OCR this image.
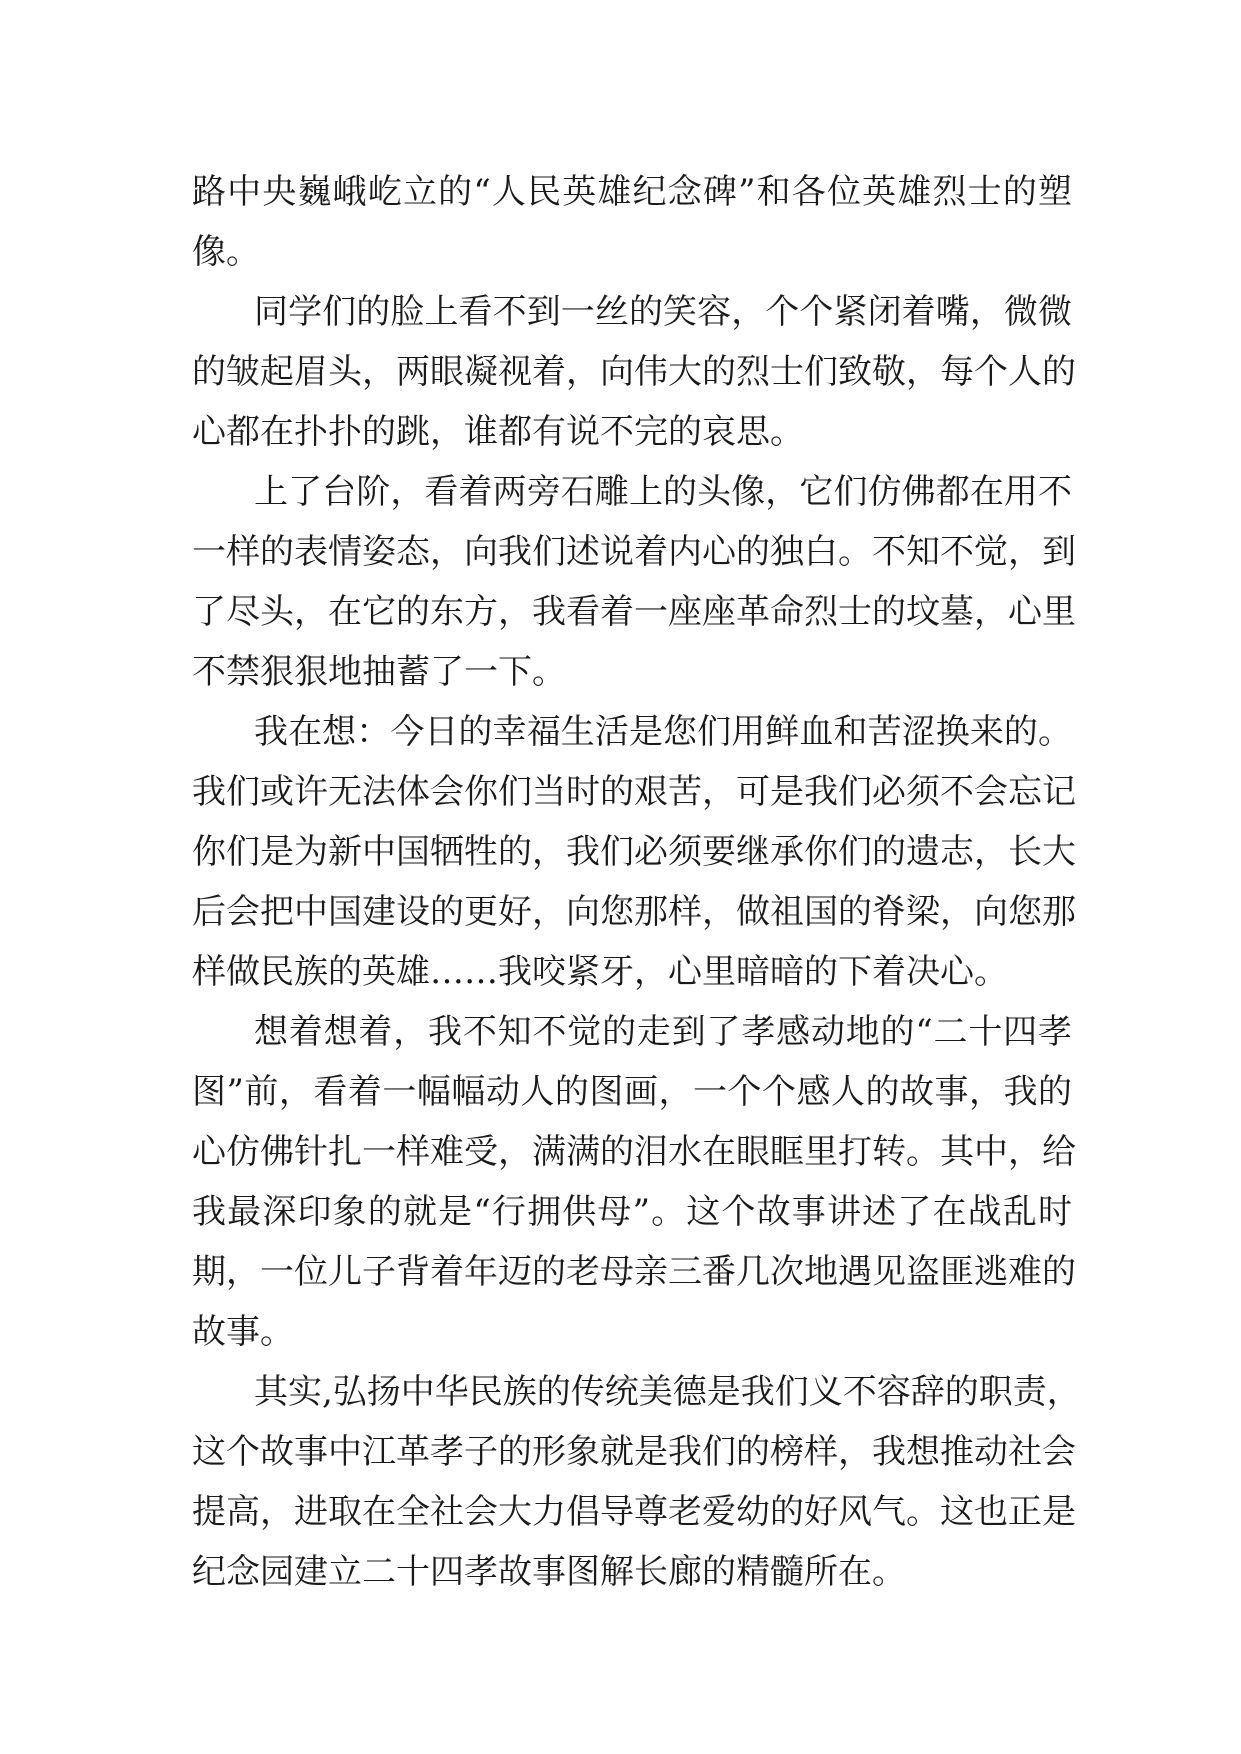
路中央巍峨屹立的“人民英雄纪念碑”和各位英雄烈士的塑
像。
同学们的脸上看不到一丝的笑容，个个紧闭着嘴，微微
的皱起眉头，两眼凝视着，向伟大的烈士们致敬，每个人的
心都在扑扑的跳，谁都有说不完的哀思。
上了台阶，看着两旁石雕上的头像，它们仿佛都在用不
一样的表情姿态，向我们述说着内心的独白。不知不觉，到
了尽头，在它的东方，我看着一座座革命烈士的坟墓，心里
不禁狠狠地抽蓄了一下。
我在想：今日的幸福生活是您们用鲜血和苦涩换来的。
我们或许无法体会你们当时的艰苦，可是我们必须不会忘记
你们是为新中国牺牲的，我们必须要继承你们的遗志，长大
后会把中国建设的更好，向您那样，做祖国的脊梁，向您那
样做民族的英雄……我咬紧牙，心里暗暗的下着决心。
想着想着，我不知不觉的走到了孝感动地的“二十四孝
图”前，看着一幅幅动人的图画，一个个感人的故事，我的
心仿佛针扎一样难受，满满的泪水在眼眶里打转。其中，给
我最深印象的就是“行拥供母”。这个故事讲述了在战乱时
期，一位儿子背着年迈的老母亲三番几次地遇见盗匪逃难的
故事。
其实,弘扬中华民族的传统美德是我们义不容辞的职责，
这个故事中江革孝子的形象就是我们的榜样，我想推动社会
提高，进取在全社会大力倡导尊老爱幼的好风气。这也正是
纪念园建立二十四孝故事图解长廊的精髓所在。
